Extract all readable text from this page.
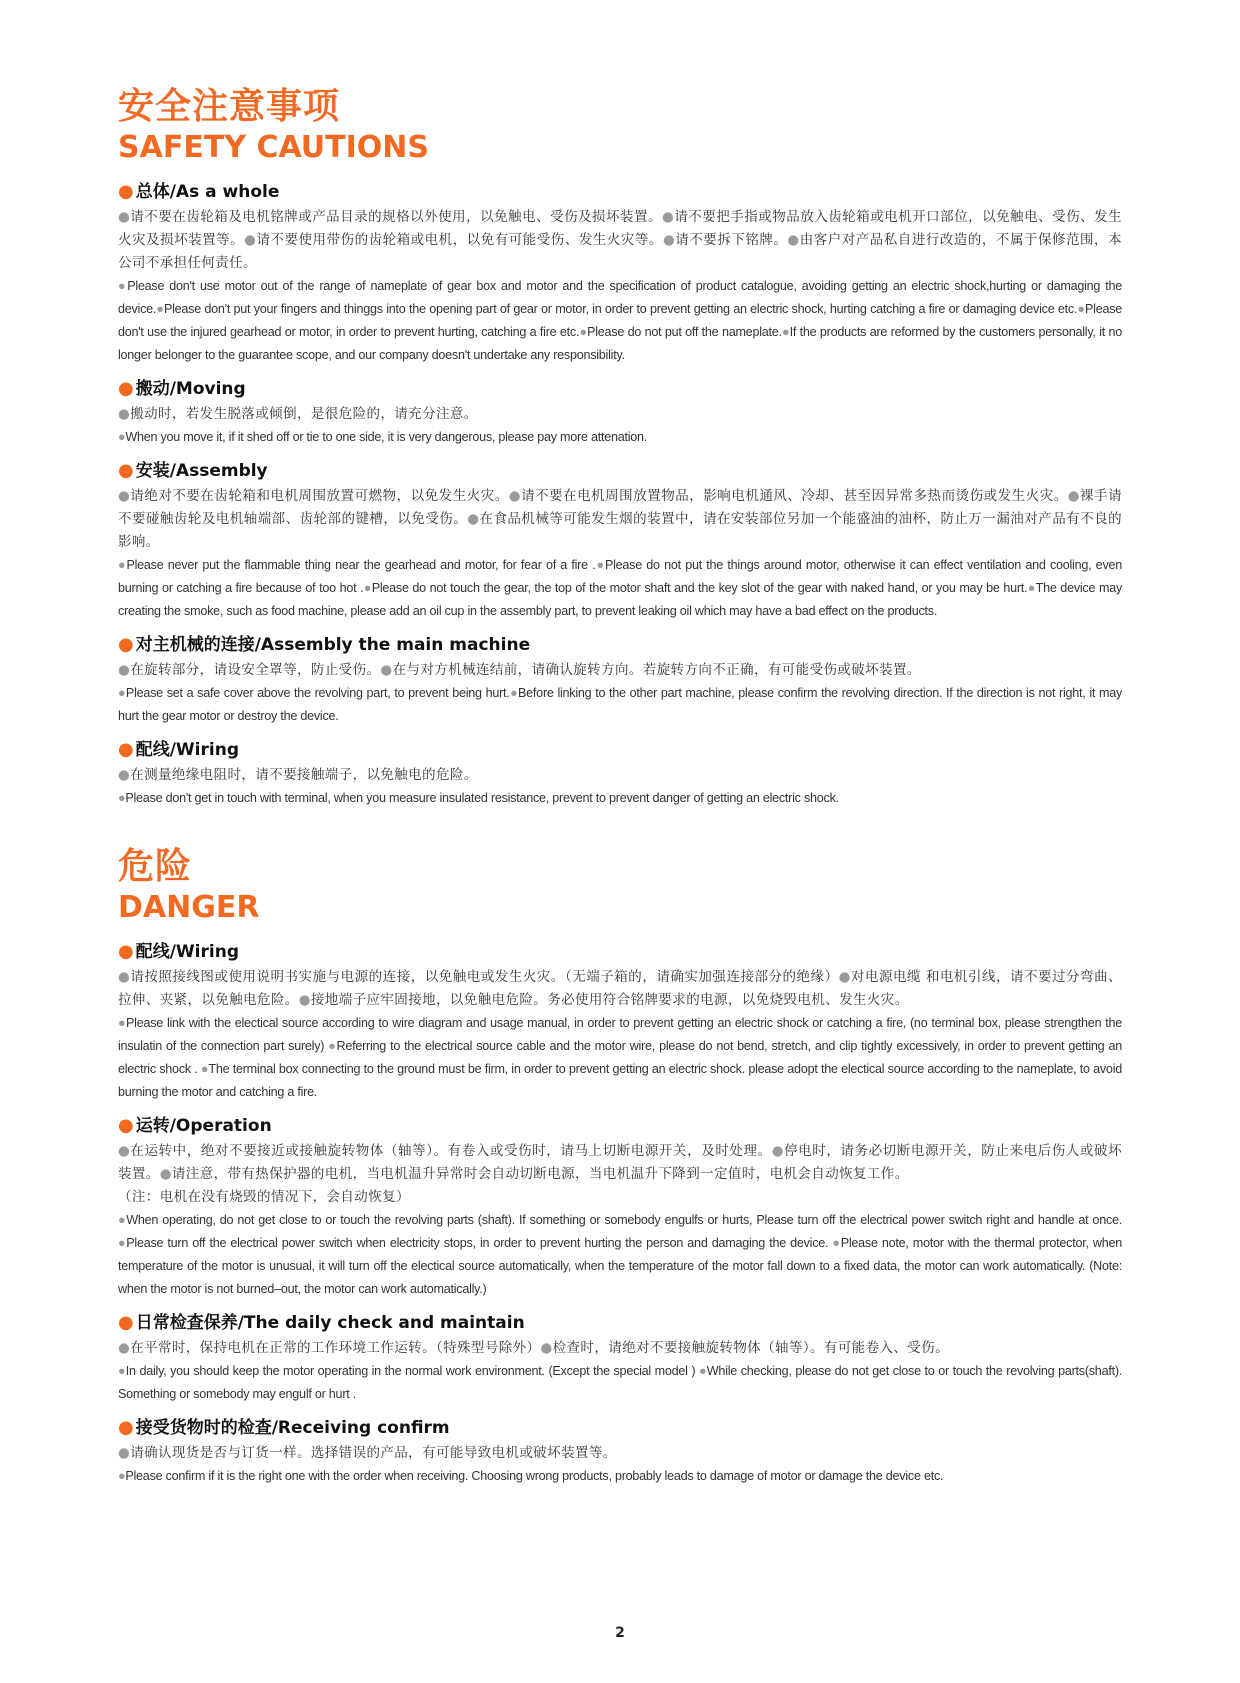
安全注意事项
SAFETY CAUTIONS
● 总体/As a whole
●请不要在齿轮箱及电机铭牌或产品目录的规格以外使用，以免触电、受伤及损坏装置。●请不要把手指或物品放入齿轮箱或电机开口部位，以免触电、受伤、发生火灾及损坏装置等。●请不要使用带伤的齿轮箱或电机，以免有可能受伤、发生火灾等。●请不要拆下铭牌。●由客户对产品私自进行改造的，不属于保修范围，本公司不承担任何责任。
●Please don't use motor out of the range of nameplate of gear box and motor and the specification of product catalogue, avoiding getting an electric shock,hurting or damaging the device.●Please don't put your fingers and thinggs into the opening part of gear or motor, in order to prevent getting an electric shock, hurting catching a fire or damaging device etc.●Please don't use the injured gearhead or motor, in order to prevent hurting, catching a fire etc.●Please do not put off the nameplate.●If the products are reformed by the customers personally, it no longer belonger to the guarantee scope, and our company doesn't undertake any responsibility.
● 搬动/Moving
●搬动时，若发生脱落或倾倒，是很危险的，请充分注意。
●When you move it, if it shed off or tie to one side, it is very dangerous, please pay more attenation.
● 安装/Assembly
●请绝对不要在齿轮箱和电机周围放置可燃物，以免发生火灾。●请不要在电机周围放置物品，影响电机通风、冷却、甚至因异常多热而烫伤或发生火灾。●裸手请不要碰触齿轮及电机轴端部、齿轮部的键槽，以免受伤。●在食品机械等可能发生烟的装置中，请在安装部位另加一个能盛油的油杯，防止万一漏油对产品有不良的影响。
●Please never put the flammable thing near the gearhead and motor, for fear of a fire .●Please do not put the things around motor, otherwise it can effect ventilation and cooling, even burning or catching a fire because of too hot .●Please do not touch the gear, the top of the motor shaft and the key slot of the gear with naked hand, or you may be hurt.●The device may creating the smoke, such as food machine, please add an oil cup in the assembly part, to prevent leaking oil which may have a bad effect on the products.
● 对主机械的连接/Assembly the main machine
●在旋转部分，请设安全罩等，防止受伤。●在与对方机械连结前，请确认旋转方向。若旋转方向不正确，有可能受伤或破坏装置。
●Please set a safe cover above the revolving part, to prevent being hurt.●Before linking to the other part machine, please confirm the revolving direction. If the direction is not right, it may hurt the gear motor or destroy the device.
● 配线/Wiring
●在测量绝缘电阻时，请不要接触端子，以免触电的危险。
●Please don't get in touch with terminal, when you measure insulated resistance, prevent to prevent danger of getting an electric shock.
危险
DANGER
● 配线/Wiring
●请按照接线图或使用说明书实施与电源的连接，以免触电或发生火灾。（无端子箱的，请确实加强连接部分的绝缘）●对电源电缆 和电机引线，请不要过分弯曲、拉伸、夹紧，以免触电危险。●接地端子应牢固接地，以免触电危险。务必使用符合铭牌要求的电源，以免烧毁电机、发生火灾。
●Please link with the electical source according to wire diagram and usage manual, in order to prevent getting an electric shock or catching a fire, (no terminal box, please strengthen the insulatin of the connection part surely) ●Referring to the electrical source cable and the motor wire, please do not bend, stretch, and clip tightly excessively, in order to prevent getting an electric shock . ●The terminal box connecting to the ground must be firm, in order to prevent getting an electric shock. please adopt the electical source according to the nameplate, to avoid burning the motor and catching a fire.
● 运转/Operation
●在运转中，绝对不要接近或接触旋转物体（轴等）。有卷入或受伤时，请马上切断电源开关，及时处理。●停电时，请务必切断电源开关，防止来电后伤人或破坏装置。●请注意，带有热保护器的电机，当电机温升异常时会自动切断电源，当电机温升下降到一定值时，电机会自动恢复工作。
（注：电机在没有烧毁的情况下，会自动恢复）
●When operating, do not get close to or touch the revolving parts (shaft). If something or somebody engulfs or hurts, Please turn off the electrical power switch right and handle at once. ●Please turn off the electrical power switch when electricity stops, in order to prevent hurting the person and damaging the device. ●Please note, motor with the thermal protector, when temperature of the motor is unusual, it will turn off the electical source automatically, when the temperature of the motor fall down to a fixed data, the motor can work automatically. (Note: when the motor is not burned–out, the motor can work automatically.)
● 日常检查保养/The daily check and maintain
●在平常时，保持电机在正常的工作环境工作运转。（特殊型号除外）●检查时，请绝对不要接触旋转物体（轴等）。有可能卷入、受伤。
●In daily, you should keep the motor operating in the normal work environment. (Except the special model ) ●While checking, please do not get close to or touch the revolving parts(shaft). Something or somebody may engulf or hurt .
● 接受货物时的检查/Receiving confirm
●请确认现货是否与订货一样。选择错误的产品，有可能导致电机或破坏装置等。
●Please confirm if it is the right one with the order when receiving. Choosing wrong products, probably leads to damage of motor or damage the device etc.
2
